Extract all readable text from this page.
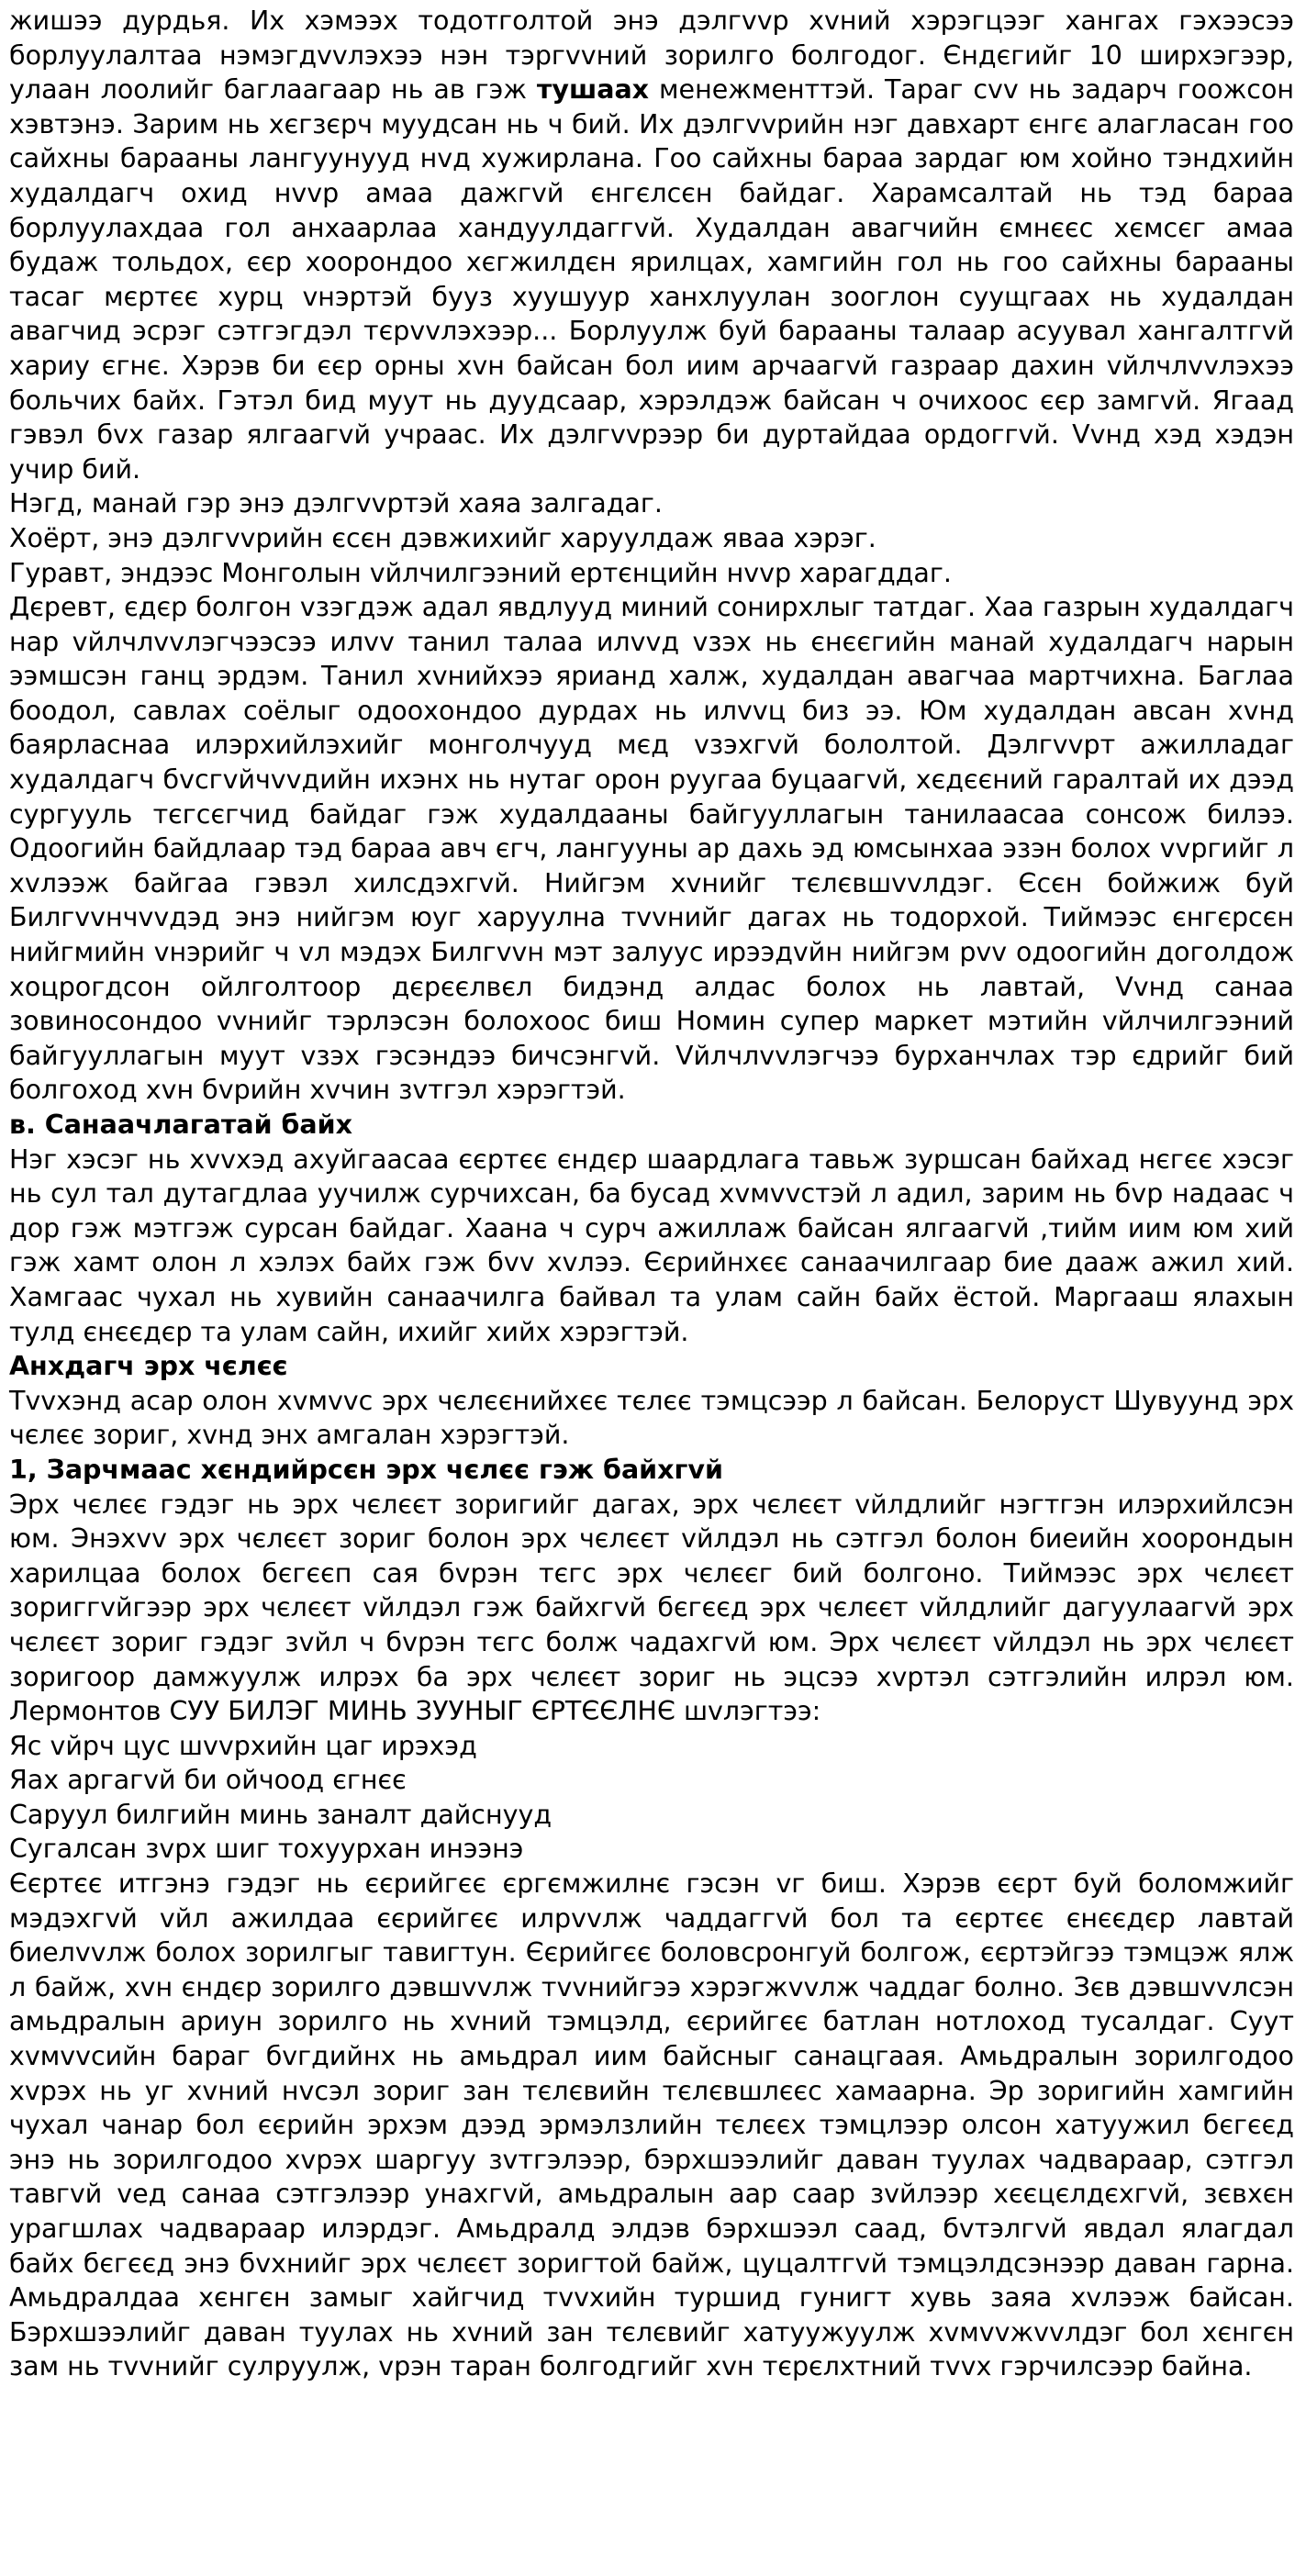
жишээ дурдья. Их хэмээх тодотголтой энэ дэлгvvр хvний хэрэгцээг хангах гэхээсээ борлуулалтаа нэмэгдvvлэхээ нэн тэргvvний зорилго болгодог. Єндєгийг 10 ширхэгээр, улаан лоолийг баглаагаар нь ав гэж тушаах менежменттэй. Тараг сvv нь задарч гоожсон хэвтэнэ. Зарим нь хєгзєрч муудсан нь ч бий. Их дэлгvvрийн нэг давхарт єнгє алагласан гоо сайхны барааны лангуунууд нvд хужирлана. Гоо сайхны бараа зардаг юм хойно тэндхийн худалдагч охид нvvр амаа дажгvй єнгєлсєн байдаг. Харамсалтай нь тэд бараа борлуулахдаа гол анхаарлаа хандуулдаггvй. Худалдан авагчийн ємнєєс хємсєг амаа будаж тольдох, єєр хоорондоо хєгжилдєн ярилцах, хамгийн гол нь гоо сайхны барааны тасаг мєртєє хурц vнэртэй бууз хуушуур ханхлуулан зооглон суущгаах нь худалдан авагчид эсрэг сэтгэгдэл тєрvvлэхээр... Борлуулж буй барааны талаар асуувал хангалтгvй хариу єгнє. Хэрэв би єєр орны хvн байсан бол иим арчаагvй газраар дахин vйлчлvvлэхээ больчих байх. Гэтэл бид муут нь дуудсаар, хэрэлдэж байсан ч очихоос єєр замгvй. Ягаад гэвэл бvх газар ялгаагvй учраас. Их дэлгvvрээр би дуртайдаа ордоггvй. Vvнд хэд хэдэн учир бий.

Нэгд, манай гэр энэ дэлгvvртэй хаяа залгадаг.

Хоёрт, энэ дэлгvvрийн єсєн дэвжихийг харуулдаж яваа хэрэг.

Гуравт, эндээс Монголын vйлчилгээний ертєнцийн нvvр харагддаг.

Дєревт, єдєр болгон vзэгдэж адал явдлууд миний сонирхлыг татдаг. Хаа газрын худалдагч нар vйлчлvvлэгчээсээ илvv танил талаа илvvд vзэх нь єнєєгийн манай худалдагч нарын ээмшсэн ганц эрдэм. Танил хvнийхээ ярианд халж, худалдан авагчаа мартчихна. Баглаа боодол, савлах соёлыг одоохондоо дурдах нь илvvц биз ээ. Юм худалдан авсан хvнд баярласнаа илэрхийлэхийг монголчууд мєд vзэхгvй бололтой. Дэлгvvрт ажилладаг худалдагч бvсгvйчvvдийн ихэнх нь нутаг орон руугаа буцаагvй, хєдєєний гаралтай их дээд сургууль тєгсєгчид байдаг гэж худалдааны байгууллагын танилаасаа сонсож билээ. Одоогийн байдлаар тэд бараа авч єгч, лангууны ар дахь эд юмсынхаа эзэн болох vvргийг л хvлээж байгаа гэвэл хилсдэхгvй. Нийгэм хvнийг тєлєвшvvлдэг. Єсєн бойжиж буй Билгvvнчvvдэд энэ нийгэм юуг харуулна тvvнийг дагах нь тодорхой. Тиймээс єнгєрсєн нийгмийн vнэрийг ч vл мэдэх Билгvvн мэт залуус ирээдvйн нийгэм рvv одоогийн доголдож хоцрогдсон ойлголтоор дєрєєлвєл бидэнд алдас болох нь лавтай, Vvнд санаа зовиносондоо vvнийг тэрлэсэн болохоос биш Номин супер маркет мэтийн vйлчилгээний байгууллагын муут vзэх гэсэндээ бичсэнгvй. Vйлчлvvлэгчээ бурханчлах тэр єдрийг бий болгоход хvн бvрийн хvчин зvтгэл хэрэгтэй.

в. Санаачлагатай байх

Нэг хэсэг нь хvvхэд ахуйгаасаа єєртєє єндєр шаардлага тавьж зуршсан байхад нєгєє хэсэг нь сул тал дутагдлаа уучилж сурчихсан, ба бусад хvмvvстэй л адил, зарим нь бvр надаас ч дор гэж мэтгэж сурсан байдаг. Хаана ч сурч ажиллаж байсан ялгаагvй ,тийм иим юм хий гэж хамт олон л хэлэх байх гэж бvv хvлээ. Єєрийнхєє санаачилгаар бие дааж ажил хий. Хамгаас чухал нь хувийн санаачилга байвал та улам сайн байх ёстой. Маргааш ялахын тулд єнєєдєр та улам сайн, ихийг хийх хэрэгтэй.

Анхдагч эрх чєлєє

Тvvхэнд асар олон хvмvvс эрх чєлєєнийхєє тєлєє тэмцсээр л байсан. Белоруст Шувуунд эрх чєлєє зориг, хvнд энх амгалан хэрэгтэй.

1, Зарчмаас хєндийрсєн эрх чєлєє гэж байхгvй

Эрх чєлєє гэдэг нь эрх чєлєєт зоригийг дагах, эрх чєлєєт vйлдлийг нэгтгэн илэрхийлсэн юм. Энэхvv эрх чєлєєт зориг болон эрх чєлєєт vйлдэл нь сэтгэл болон биеийн хоорондын харилцаа болох бєгєєп сая бvрэн тєгс эрх чєлєєг бий болгоно. Тиймээс эрх чєлєєт зориггvйгээр эрх чєлєєт vйлдэл гэж байхгvй бєгєєд эрх чєлєєт vйлдлийг дагуулаагvй эрх чєлєєт зориг гэдэг зvйл ч бvрэн тєгс болж чадахгvй юм. Эрх чєлєєт vйлдэл нь эрх чєлєєт зоригоор дамжуулж илрэх ба эрх чєлєєт зориг нь эцсээ хvртэл сэтгэлийн илрэл юм. Лермонтов СУУ БИЛЭГ МИНЬ ЗУУНЫГ ЄРТЄЄЛНЄ шvлэгтээ:

Яс vйрч цус шvvрхийн цаг ирэхэд

Яах аргагvй би ойчоод єгнєє

Саруул билгийн минь заналт дайснууд

Сугалсан зvрх шиг тохуурхан инээнэ

Єєртєє итгэнэ гэдэг нь єєрийгєє єргємжилнє гэсэн vг биш. Хэрэв єєрт буй боломжийг мэдэхгvй vйл ажилдаа єєрийгєє илрvvлж чаддаггvй бол та єєртєє єнєєдєр лавтай биелvvлж болох зорилгыг тавигтун. Єєрийгєє боловсронгуй болгож, єєртэйгээ тэмцэж ялж л байж, хvн єндєр зорилго дэвшvvлж тvvнийгээ хэрэгжvvлж чаддаг болно. Зєв дэвшvvлсэн амьдралын ариун зорилго нь хvний тэмцэлд, єєрийгєє батлан нотлоход тусалдаг. Суут хvмvvсийн бараг бvгдийнх нь амьдрал иим байсныг санацгаая. Амьдралын зорилгодоо хvрэх нь уг хvний нvсэл зориг зан тєлєвийн тєлєвшлєєс хамаарна. Эр зоригийн хамгийн чухал чанар бол єєрийн эрхэм дээд эрмэлзлийн тєлєєх тэмцлээр олсон хатуужил бєгєєд энэ нь зорилгодоо хvрэх шаргуу зvтгэлээр, бэрхшээлийг даван туулах чадвараар, сэтгэл тавгvй vед санаа сэтгэлээр унахгvй, амьдралын аар саар зvйлээр хєєцєлдєхгvй, зєвхєн урагшлах чадвараар илэрдэг. Амьдралд элдэв бэрхшээл саад, бvтэлгvй явдал ялагдал байх бєгєєд энэ бvхнийг эрх чєлєєт зоригтой байж, цуцалтгvй тэмцэлдсэнээр даван гарна. Амьдралдаа хєнгєн замыг хайгчид тvvхийн туршид гунигт хувь заяа хvлээж байсан. Бэрхшээлийг даван туулах нь хvний зан тєлєвийг хатуужуулж хvмvvжvvлдэг бол хєнгєн зам нь тvvнийг сулруулж, vрэн таран болгодгийг хvн тєрєлхтний тvvх гэрчилсээр байна.
